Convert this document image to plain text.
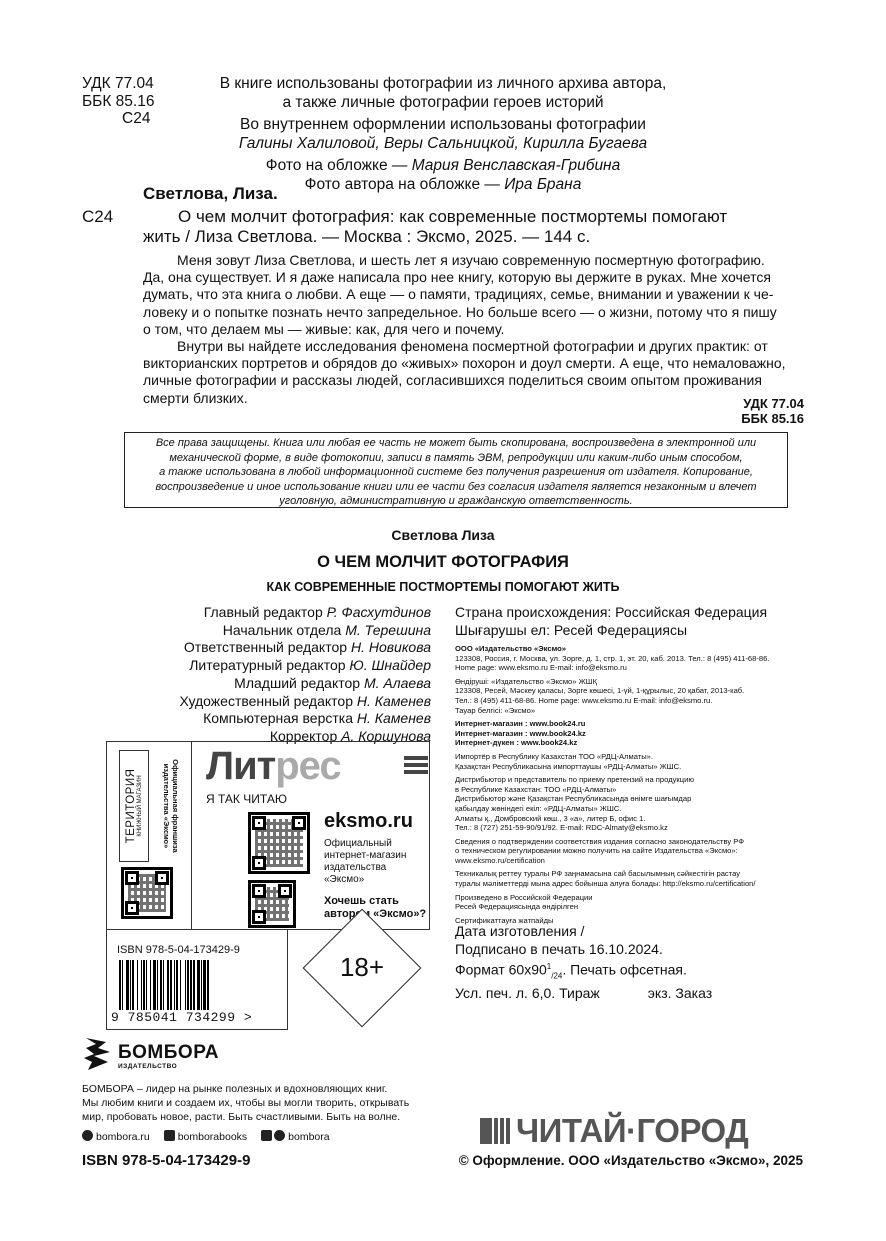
УДК 77.04
ББК 85.16
С24
В книге использованы фотографии из личного архива автора,
а также личные фотографии героев историй
Во внутреннем оформлении использованы фотографии
Галины Халиловой, Веры Сальницкой, Кирилла Бугаева
Фото на обложке — Мария Венславская-Грибина
Фото автора на обложке — Ира Брана
Светлова, Лиза.
С24	О чем молчит фотография: как современные постмортемы помогают
жить / Лиза Светлова. — Москва : Эксмо, 2025. — 144 с.
Меня зовут Лиза Светлова, и шесть лет я изучаю современную посмертную фотографию.
Да, она существует. И я даже написала про нее книгу, которую вы держите в руках. Мне хочется
думать, что эта книга о любви. А еще — о памяти, традициях, семье, внимании и уважении к че-
ловеку и о попытке познать нечто запредельное. Но больше всего — о жизни, потому что я пишу
о том, что делаем мы — живые: как, для чего и почему.
Внутри вы найдете исследования феномена посмертной фотографии и других практик: от
викторианских портретов и обрядов до «живых» похорон и доул смерти. А еще, что немаловажно,
личные фотографии и рассказы людей, согласившихся поделиться своим опытом проживания
смерти близких.	УДК 77.04
ББК 85.16
Все права защищены. Книга или любая ее часть не может быть скопирована, воспроизведена в электронной или
механической форме, в виде фотокопии, записи в память ЭВМ, репродукции или каким-либо иным способом,
а также использована в любой информационной системе без получения разрешения от издателя. Копирование,
воспроизведение и иное использование книги или ее части без согласия издателя является незаконным и влечет
уголовную, административную и гражданскую ответственность.
Светлова Лиза
О ЧЕМ МОЛЧИТ ФОТОГРАФИЯ
КАК СОВРЕМЕННЫЕ ПОСТМОРТЕМЫ ПОМОГАЮТ ЖИТЬ
Главный редактор Р. Фасхутдинов
Начальник отдела М. Терешина
Ответственный редактор Н. Новикова
Литературный редактор Ю. Шнайдер
Младший редактор М. Алаева
Художественный редактор Н. Каменев
Компьютерная верстка Н. Каменев
Корректор А. Коршунова
Страна происхождения: Российская Федерация
Шығарушы ел: Ресей Федерациясы
ООО «Издательство «Эксмо»
123308, Россия, г. Москва, ул. Зорге, д. 1, стр. 1, эт. 20, каб. 2013. Тел.: 8 (495) 411-68-86.
Home page: www.eksmo.ru E-mail: info@eksmo.ru
Өндіруші: «Издательство «Эксмо» ЖШҚ
123308, Ресей, Мәскеу қаласы, Зорге көшесі, 1-үй, 1-құрылыс, 20 қабат, 2013-каб.
Тел.: 8 (495) 411-68-86. Home page: www.eksmo.ru E-mail: info@eksmo.ru.
Тауар белгісі: «Эксмо»
Интернет-магазин : www.book24.ru
Интернет-магазин : www.book24.kz
Интернет-дүкен : www.book24.kz
Импортёр в Республику Казахстан ТОО «РДЦ-Алматы».
Қазақстан Республикасына импорттаушы «РДЦ-Алматы» ЖШС.
Дистрибьютор и представитель по приему претензий на продукцию
в Республике Казахстан: ТОО «РДЦ-Алматы»
Дистрибьютор және Қазақстан Республикасында өнімге шағымдар
қабылдау жөніндегі екіл: «РДЦ-Алматы» ЖШС.
Алматы қ., Домбровский көш., 3 «а», литер Б, офис 1.
Тел.: 8 (727) 251-59-90/91/92. E-mail: RDC-Almaty@eksmo.kz
Сведения о подтверждении соответствия издания согласно законодательству РФ
о техническом регулировании можно получить на сайте Издательства «Эксмо»:
www.eksmo.ru/certification
Техникалық реттеу туралы РФ заңнамасына сай басылымның сәйкестігін растау
туралы мәліметтерді мына адрес бойынша алуға болады: http://eksmo.ru/certification/
Произведено в Российской Федерации
Ресей Федерациясында өндірілген
Сертификаттауға жатпайды
Дата изготовления /
Подписано в печать 16.10.2024.
Формат $60x90^1_{/24}$. Печать офсетная.
Усл. печ. л. 6,0. Тираж	экз. Заказ
ТЕРИТОРИЯ КНИЖНЫЙ МАГАЗИН	Официальная франшиза
издательства «Эксмо» Литрес
Я ТАК ЧИТАЮ
eksmo.ru
Официальный
интернет-магазин
издательства «Эксмо»
Хочешь стать
автором «Эксмо»?
ISBN 978-5-04-173429-9
9 785041 734299 >
18+
БОМБОРА
ИЗДАТЕЛЬСТВО
БОМБОРА – лидер на рынке полезных и вдохновляющих книг.
Мы любим книги и создаем их, чтобы вы могли творить, открывать
мир, пробовать новое, расти. Быть счастливыми. Быть на волне.
bombora.ru	bomborabooks	bombora	ЧИТАЙ·ГОРОД
ISBN 978-5-04-173429-9	© Оформление. ООО «Издательство «Эксмо», 2025
